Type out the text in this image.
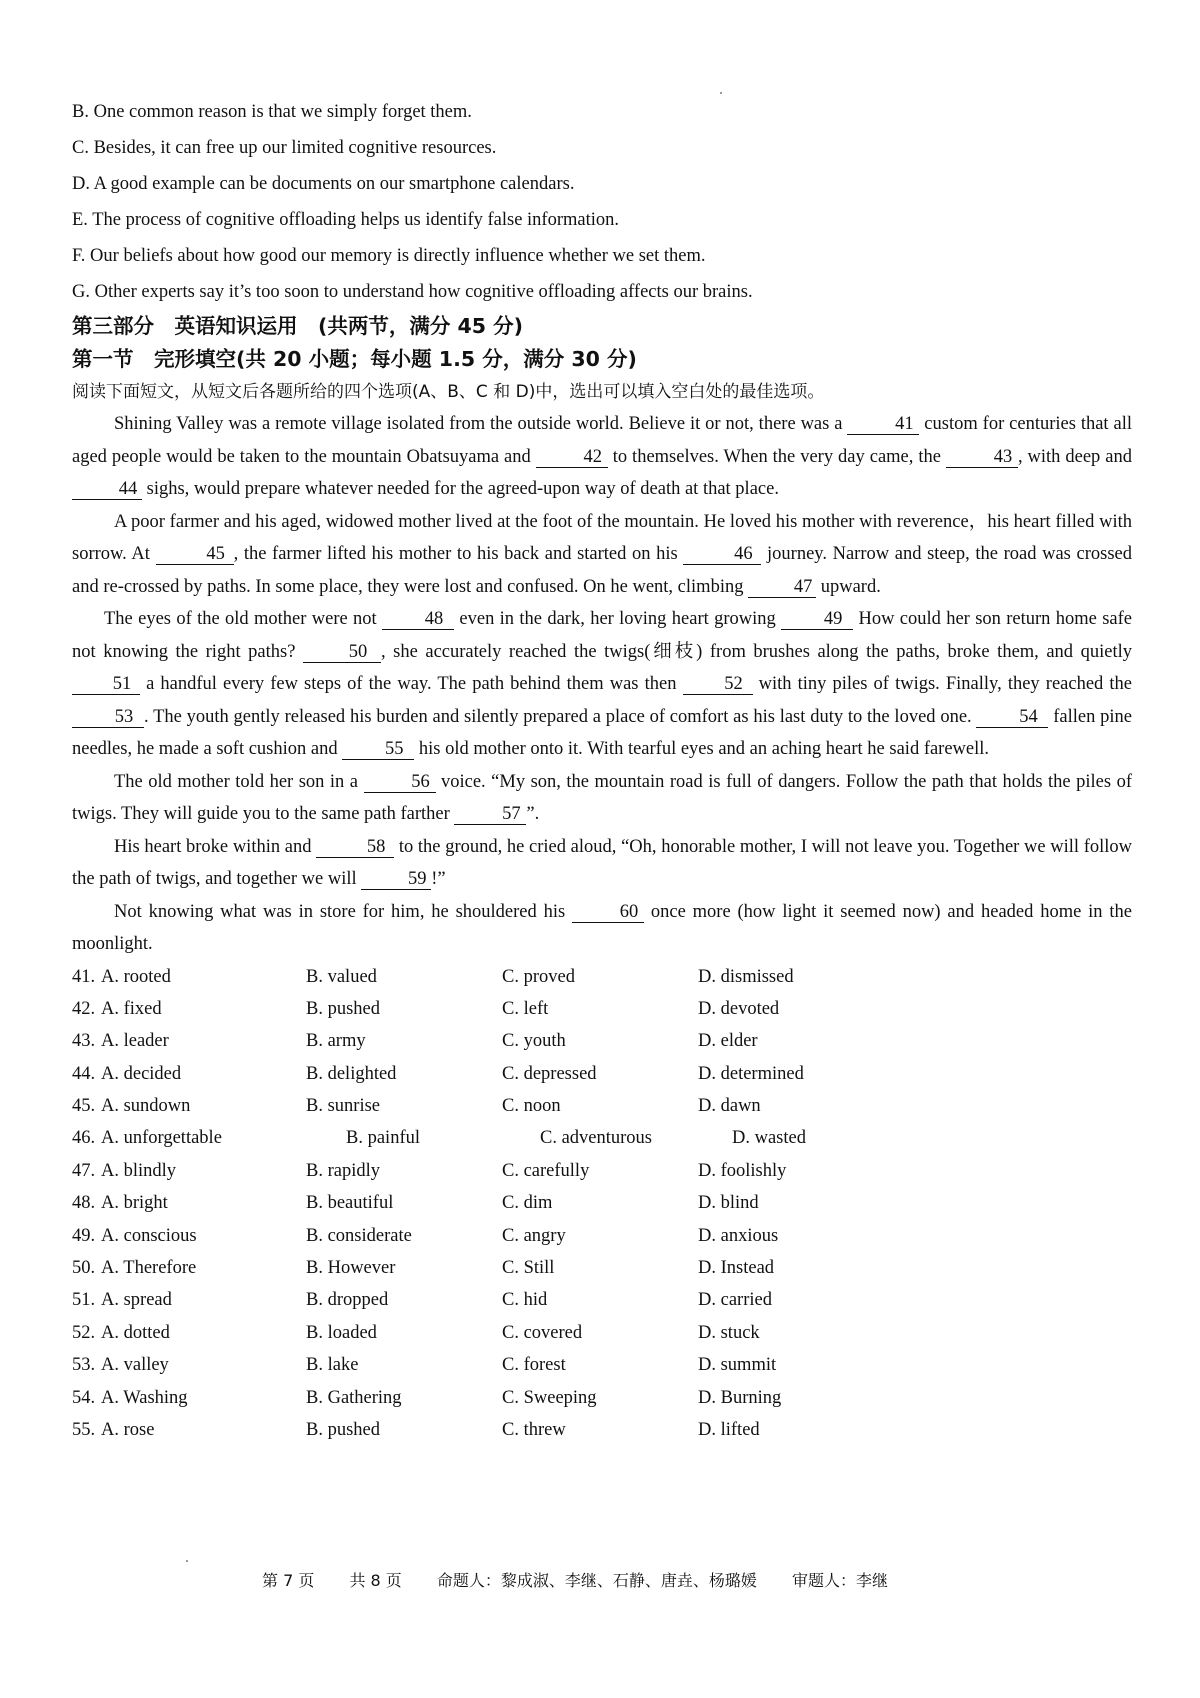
B. One common reason is that we simply forget them.
C. Besides, it can free up our limited cognitive resources.
D. A good example can be documents on our smartphone calendars.
E. The process of cognitive offloading helps us identify false information.
F. Our beliefs about how good our memory is directly influence whether we set them.
G. Other experts say it’s too soon to understand how cognitive offloading affects our brains.
第三部分　英语知识运用　(共两节，满分 45 分)
第一节　完形填空(共 20 小题；每小题 1.5 分，满分 30 分)
阅读下面短文，从短文后各题所给的四个选项(A、B、C 和 D)中，选出可以填入空白处的最佳选项。

Shining Valley was a remote village isolated from the outside world. Believe it or not, there was a	41 custom for centuries that all aged people would be taken to the mountain Obatsuyama and	42 to themselves. When the very day came, the	43 , with deep and 44 sighs, would prepare whatever needed for the agreed-upon way of death at that place.

A poor farmer and his aged, widowed mother lived at the foot of the mountain. He loved his mother with reverence，his heart filled with sorrow. At	45 , the farmer lifted his mother to his back and started on his	46 journey. Narrow and steep, the road was crossed and re-crossed by paths. In some place, they were lost and confused. On he went, climbing 47 upward.

The eyes of the old mother were not 48 even in the dark, her loving heart growing 49 How could her son return home safe not knowing the right paths? 50 , she accurately reached the twigs(细枝) from brushes along the paths, broke them, and quietly 51 a handful every few steps of the way. The path behind them was then 52 with tiny piles of twigs. Finally, they reached the 53 . The youth gently released his burden and silently prepared a place of comfort as his last duty to the loved one. 54 fallen pine needles, he made a soft cushion and 55 his old mother onto it. With tearful eyes and an aching heart he said farewell.

The old mother told her son in a	56 voice. “My son, the mountain road is full of dangers. Follow the path that holds the piles of twigs. They will guide you to the same path farther	57 ”.

His heart broke within and	58 to the ground, he cried aloud, “Oh, honorable mother, I will not leave you. Together we will follow the path of twigs, and together we will	59 !”

Not knowing what was in store for him, he shouldered his	60 once more (how light it seemed now) and headed home in the moonlight.

41. A. rooted	B. valued	C. proved	D. dismissed
42. A. fixed	B. pushed	C. left	D. devoted
43. A. leader	B. army	C. youth	D. elder
44. A. decided	B. delighted	C. depressed	D. determined
45. A. sundown	B. sunrise	C. noon	D. dawn
46. A. unforgettable	B. painful	C. adventurous	D. wasted
47. A. blindly	B. rapidly	C. carefully	D. foolishly
48. A. bright	B. beautiful	C. dim	D. blind
49. A. conscious	B. considerate	C. angry	D. anxious
50. A. Therefore	B. However	C. Still	D. Instead
51. A. spread	B. dropped	C. hid	D. carried
52. A. dotted	B. loaded	C. covered	D. stuck
53. A. valley	B. lake	C. forest	D. summit
54. A. Washing	B. Gathering	C. Sweeping	D. Burning
55. A. rose	B. pushed	C. threw	D. lifted
第 7 页 共 8 页 命题人：黎成淑、李继、石静、唐垚、杨璐媛 审题人：李继
